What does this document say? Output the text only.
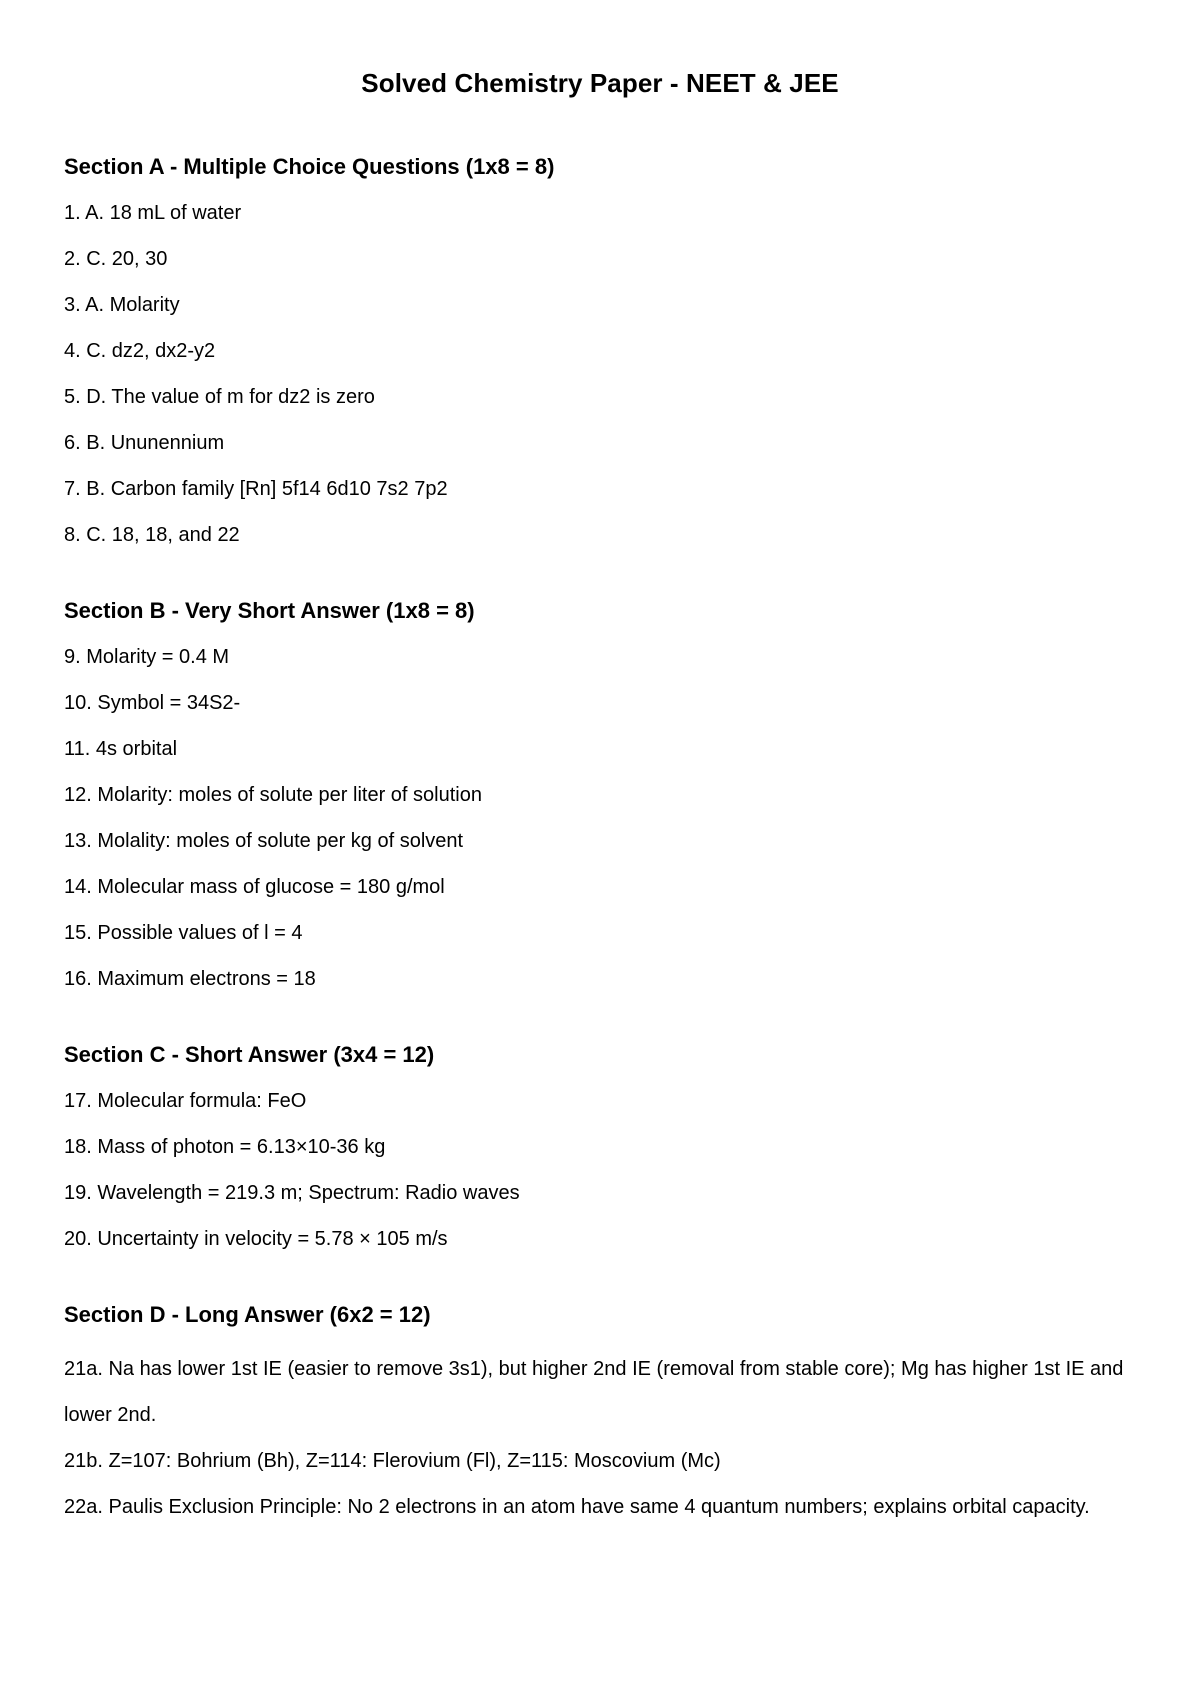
Solved Chemistry Paper - NEET & JEE
Section A - Multiple Choice Questions (1x8 = 8)
1. A. 18 mL of water
2. C. 20, 30
3. A. Molarity
4. C. dz2, dx2-y2
5. D. The value of m for dz2 is zero
6. B. Ununennium
7. B. Carbon family [Rn] 5f14 6d10 7s2 7p2
8. C. 18, 18, and 22
Section B - Very Short Answer (1x8 = 8)
9. Molarity = 0.4 M
10. Symbol = 34S2-
11. 4s orbital
12. Molarity: moles of solute per liter of solution
13. Molality: moles of solute per kg of solvent
14. Molecular mass of glucose = 180 g/mol
15. Possible values of l = 4
16. Maximum electrons = 18
Section C - Short Answer (3x4 = 12)
17. Molecular formula: FeO
18. Mass of photon = 6.13×10-36 kg
19. Wavelength = 219.3 m; Spectrum: Radio waves
20. Uncertainty in velocity = 5.78 × 105 m/s
Section D - Long Answer (6x2 = 12)
21a. Na has lower 1st IE (easier to remove 3s1), but higher 2nd IE (removal from stable core); Mg has higher 1st IE and lower 2nd.
21b. Z=107: Bohrium (Bh), Z=114: Flerovium (Fl), Z=115: Moscovium (Mc)
22a. Paulis Exclusion Principle: No 2 electrons in an atom have same 4 quantum numbers; explains orbital capacity.
